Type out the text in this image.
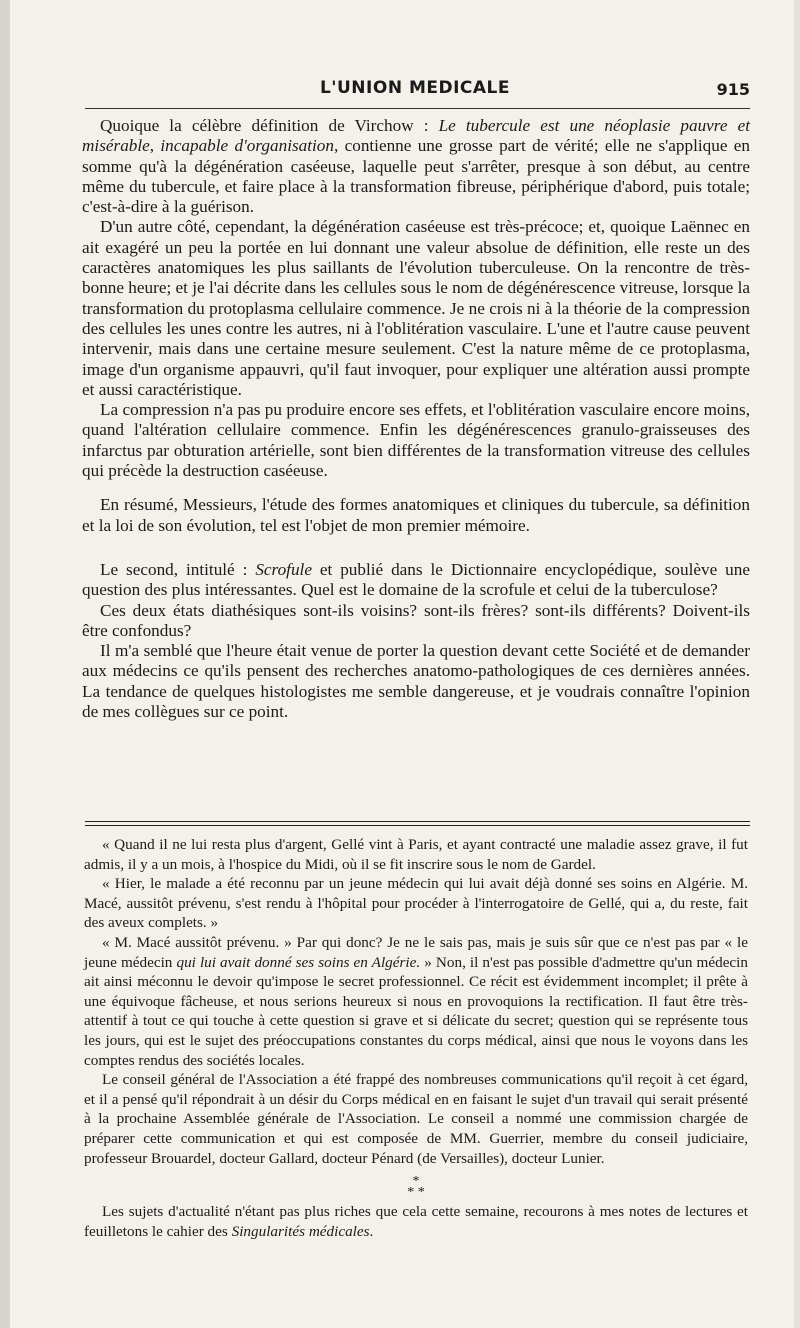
L'UNION MEDICALE	915

Quoique la célèbre définition de Virchow : Le tubercule est une néoplasie pauvre et misérable, incapable d'organisation, contienne une grosse part de vérité; elle ne s'applique en somme qu'à la dégénération caséeuse, laquelle peut s'arrêter, presque à son début, au centre même du tubercule, et faire place à la transformation fibreuse, périphérique d'abord, puis totale; c'est-à-dire à la guérison.

D'un autre côté, cependant, la dégénération caséeuse est très-précoce; et, quoique Laënnec en ait exagéré un peu la portée en lui donnant une valeur absolue de définition, elle reste un des caractères anatomiques les plus saillants de l'évolution tuberculeuse. On la rencontre de très-bonne heure; et je l'ai décrite dans les cellules sous le nom de dégénérescence vitreuse, lorsque la transformation du protoplasma cellulaire commence. Je ne crois ni à la théorie de la compression des cellules les unes contre les autres, ni à l'oblitération vasculaire. L'une et l'autre cause peuvent intervenir, mais dans une certaine mesure seulement. C'est la nature même de ce protoplasma, image d'un organisme appauvri, qu'il faut invoquer, pour expliquer une altération aussi prompte et aussi caractéristique.

La compression n'a pas pu produire encore ses effets, et l'oblitération vasculaire encore moins, quand l'altération cellulaire commence. Enfin les dégénérescences granulo-graisseuses des infarctus par obturation artérielle, sont bien différentes de la transformation vitreuse des cellules qui précède la destruction caséeuse.

En résumé, Messieurs, l'étude des formes anatomiques et cliniques du tubercule, sa définition et la loi de son évolution, tel est l'objet de mon premier mémoire.

Le second, intitulé : Scrofule et publié dans le Dictionnaire encyclopédique, soulève une question des plus intéressantes. Quel est le domaine de la scrofule et celui de la tuberculose?

Ces deux états diathésiques sont-ils voisins? sont-ils frères? sont-ils différents? Doivent-ils être confondus?

Il m'a semblé que l'heure était venue de porter la question devant cette Société et de demander aux médecins ce qu'ils pensent des recherches anatomo-pathologiques de ces dernières années. La tendance de quelques histologistes me semble dangereuse, et je voudrais connaître l'opinion de mes collègues sur ce point.

« Quand il ne lui resta plus d'argent, Gellé vint à Paris, et ayant contracté une maladie assez grave, il fut admis, il y a un mois, à l'hospice du Midi, où il se fit inscrire sous le nom de Gardel.

« Hier, le malade a été reconnu par un jeune médecin qui lui avait déjà donné ses soins en Algérie. M. Macé, aussitôt prévenu, s'est rendu à l'hôpital pour procéder à l'interrogatoire de Gellé, qui a, du reste, fait des aveux complets. »

« M. Macé aussitôt prévenu. » Par qui donc? Je ne le sais pas, mais je suis sûr que ce n'est pas par « le jeune médecin qui lui avait donné ses soins en Algérie. » Non, il n'est pas possible d'admettre qu'un médecin ait ainsi méconnu le devoir qu'impose le secret professionnel. Ce récit est évidemment incomplet; il prête à une équivoque fâcheuse, et nous serions heureux si nous en provoquions la rectification. Il faut être très-attentif à tout ce qui touche à cette question si grave et si délicate du secret; question qui se représente tous les jours, qui est le sujet des préoccupations constantes du corps médical, ainsi que nous le voyons dans les comptes rendus des sociétés locales.

Le conseil général de l'Association a été frappé des nombreuses communications qu'il reçoit à cet égard, et il a pensé qu'il répondrait à un désir du Corps médical en en faisant le sujet d'un travail qui serait présenté à la prochaine Assemblée générale de l'Association. Le conseil a nommé une commission chargée de préparer cette communication et qui est composée de MM. Guerrier, membre du conseil judiciaire, professeur Brouardel, docteur Gallard, docteur Pénard (de Versailles), docteur Lunier.

*
* *

Les sujets d'actualité n'étant pas plus riches que cela cette semaine, recourons à mes notes de lectures et feuilletons le cahier des Singularités médicales.
